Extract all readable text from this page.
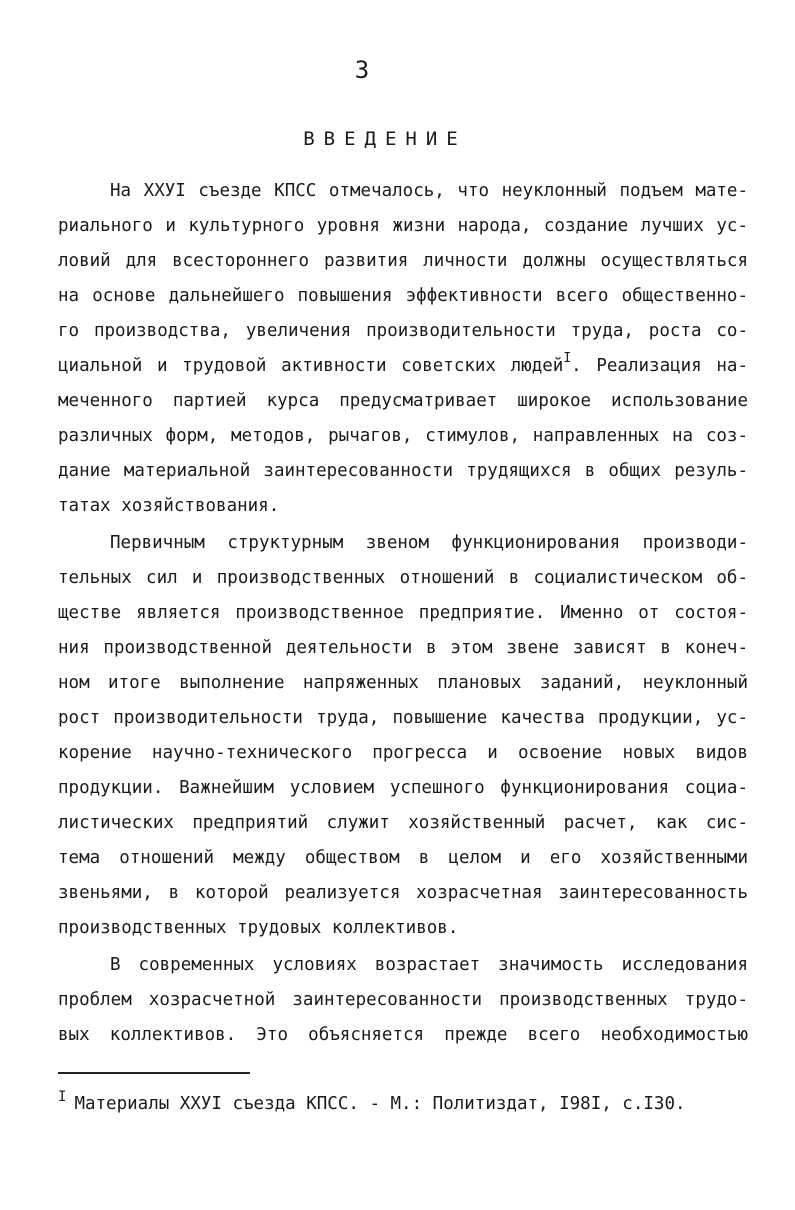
3
ВВЕДЕНИЕ
На XXУI съезде КПСС отмечалось, что неуклонный подъем мате-
риального и культурного уровня жизни народа, создание лучших ус-
ловий для всестороннего развития личности должны осуществляться
на основе дальнейшего повышения эффективности всего общественно-
го производства, увеличения производительности труда, роста со-
циальной и трудовой активности советских людей$^I$. Реализация на-
меченного партией курса предусматривает широкое использование
различных форм, методов, рычагов, стимулов, направленных на соз-
дание материальной заинтересованности трудящихся в общих резуль-
татах хозяйствования.
Первичным структурным звеном функционирования производи-
тельных сил и производственных отношений в социалистическом об-
ществе является производственное предприятие. Именно от состоя-
ния производственной деятельности в этом звене зависят в конеч-
ном итоге выполнение напряженных плановых заданий, неуклонный
рост производительности труда, повышение качества продукции, ус-
корение научно-технического прогресса и освоение новых видов
продукции. Важнейшим условием успешного функционирования социа-
листических предприятий служит хозяйственный расчет, как сис-
тема отношений между обществом в целом и его хозяйственными
звеньями, в которой реализуется хозрасчетная заинтересованность
производственных трудовых коллективов.
В современных условиях возрастает значимость исследования
проблем хозрасчетной заинтересованности производственных трудо-
вых коллективов. Это объясняется прежде всего необходимостью
$^I$ Материалы XXУI съезда КПСС. - М.: Политиздат, I98I, с.I30.
